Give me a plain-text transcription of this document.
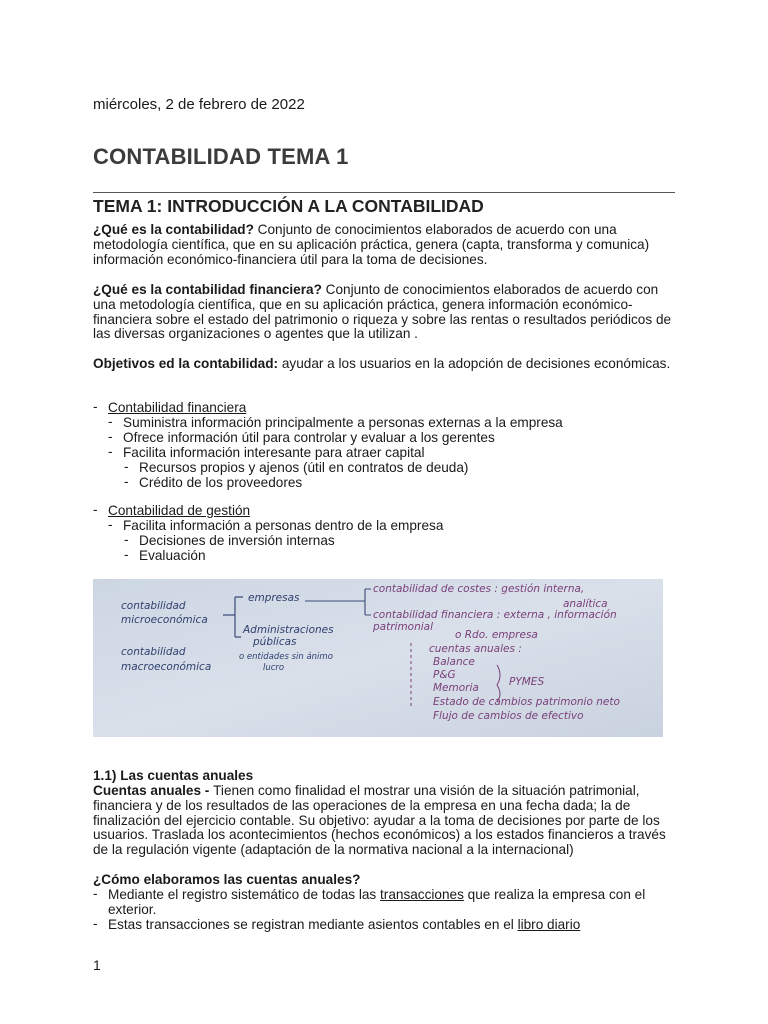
miércoles, 2 de febrero de 2022
CONTABILIDAD TEMA 1
TEMA 1: INTRODUCCIÓN A LA CONTABILIDAD

¿Qué es la contabilidad? Conjunto de conocimientos elaborados de acuerdo con una metodología científica, que en su aplicación práctica, genera (capta, transforma y comunica) información económico-financiera útil para la toma de decisiones.

¿Qué es la contabilidad financiera? Conjunto de conocimientos elaborados de acuerdo con una metodología científica, que en su aplicación práctica, genera información económico-financiera sobre el estado del patrimonio o riqueza y sobre las rentas o resultados periódicos de las diversas organizaciones o agentes que la utilizan .

Objetivos ed la contabilidad: ayudar a los usuarios en la adopción de decisiones económicas.

- Contabilidad financiera
- Suministra información principalmente a personas externas a la empresa
- Ofrece información útil para controlar y evaluar a los gerentes
- Facilita información interesante para atraer capital
- Recursos propios y ajenos (útil en contratos de deuda)
- Crédito de los proveedores
- Contabilidad de gestión
- Facilita información a personas dentro de la empresa
- Decisiones de inversión internas
- Evaluación
contabilidad
microeconómica
contabilidad
macroeconómica
empresas
Administraciones
públicas
o entidades sin ánimo
lucro
contabilidad de costes : gestión interna,
analítica
contabilidad financiera : externa , información
patrimonial
o Rdo. empresa
cuentas anuales :
Balance
P&G
Memoria	PYMES
Estado de cambios patrimonio neto
Flujo de cambios de efectivo

1.1) Las cuentas anuales

Cuentas anuales - Tienen como finalidad el mostrar una visión de la situación patrimonial, financiera y de los resultados de las operaciones de la empresa en una fecha dada; la de finalización del ejercicio contable. Su objetivo: ayudar a la toma de decisiones por parte de los usuarios. Traslada los acontecimientos (hechos económicos) a los estados financieros a través de la regulación vigente (adaptación de la normativa nacional a la internacional)

¿Cómo elaboramos las cuentas anuales?

- Mediante el registro sistemático de todas las transacciones que realiza la empresa con el
exterior.
- Estas transacciones se registran mediante asientos contables en el libro diario
1
